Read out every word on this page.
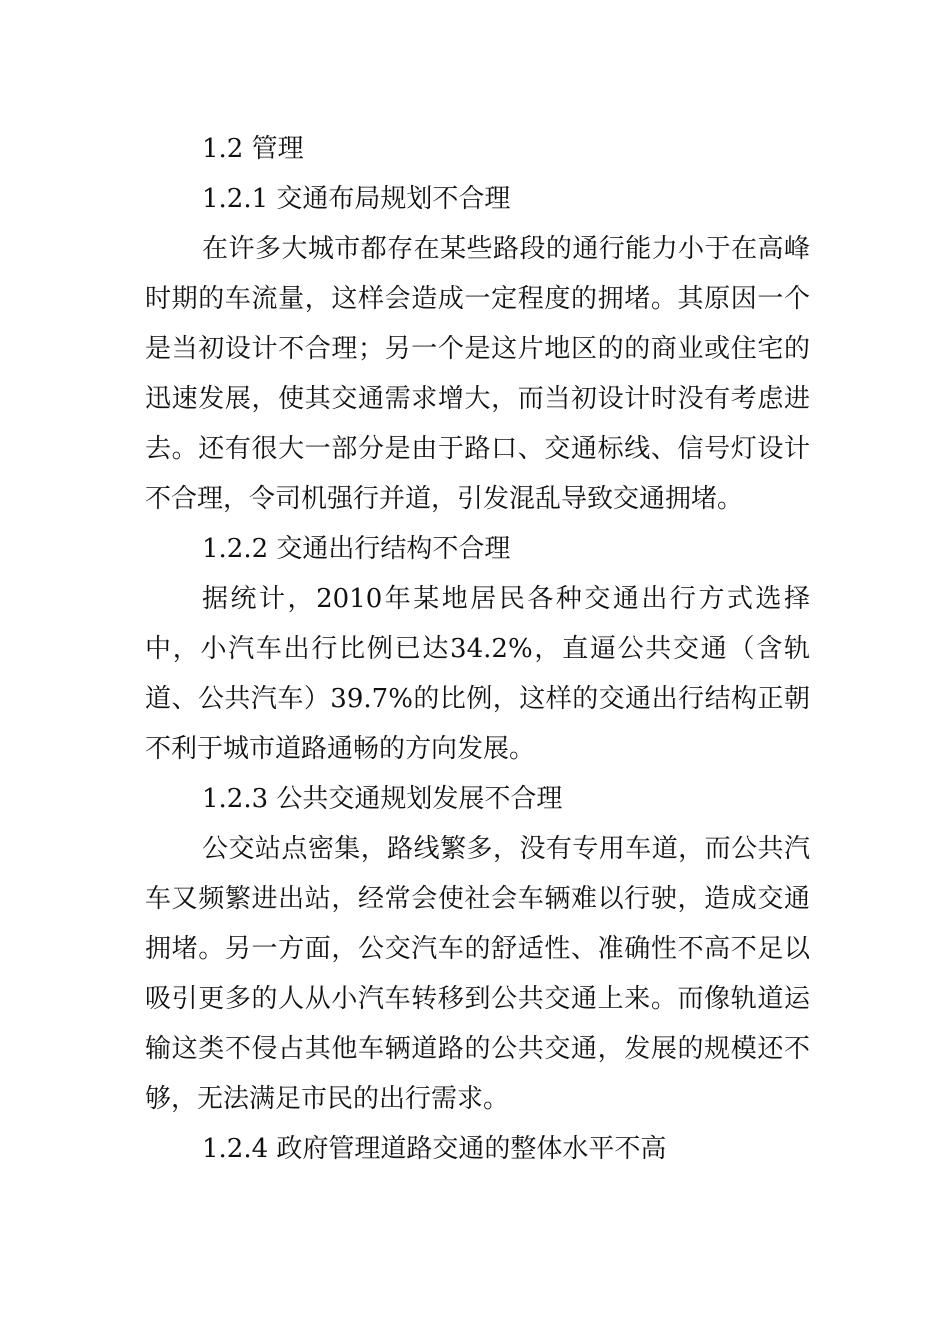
1.2 管理

1.2.1 交通布局规划不合理

在许多大城市都存在某些路段的通行能力小于在高峰时期的车流量，这样会造成一定程度的拥堵。其原因一个是当初设计不合理；另一个是这片地区的的商业或住宅的迅速发展，使其交通需求增大，而当初设计时没有考虑进去。还有很大一部分是由于路口、交通标线、信号灯设计不合理，令司机强行并道，引发混乱导致交通拥堵。

1.2.2 交通出行结构不合理

据统计，2010年某地居民各种交通出行方式选择中，小汽车出行比例已达34.2%，直逼公共交通（含轨道、公共汽车）39.7%的比例，这样的交通出行结构正朝不利于城市道路通畅的方向发展。

1.2.3 公共交通规划发展不合理

公交站点密集，路线繁多，没有专用车道，而公共汽车又频繁进出站，经常会使社会车辆难以行驶，造成交通拥堵。另一方面，公交汽车的舒适性、准确性不高不足以吸引更多的人从小汽车转移到公共交通上来。而像轨道运输这类不侵占其他车辆道路的公共交通，发展的规模还不够，无法满足市民的出行需求。

1.2.4 政府管理道路交通的整体水平不高
